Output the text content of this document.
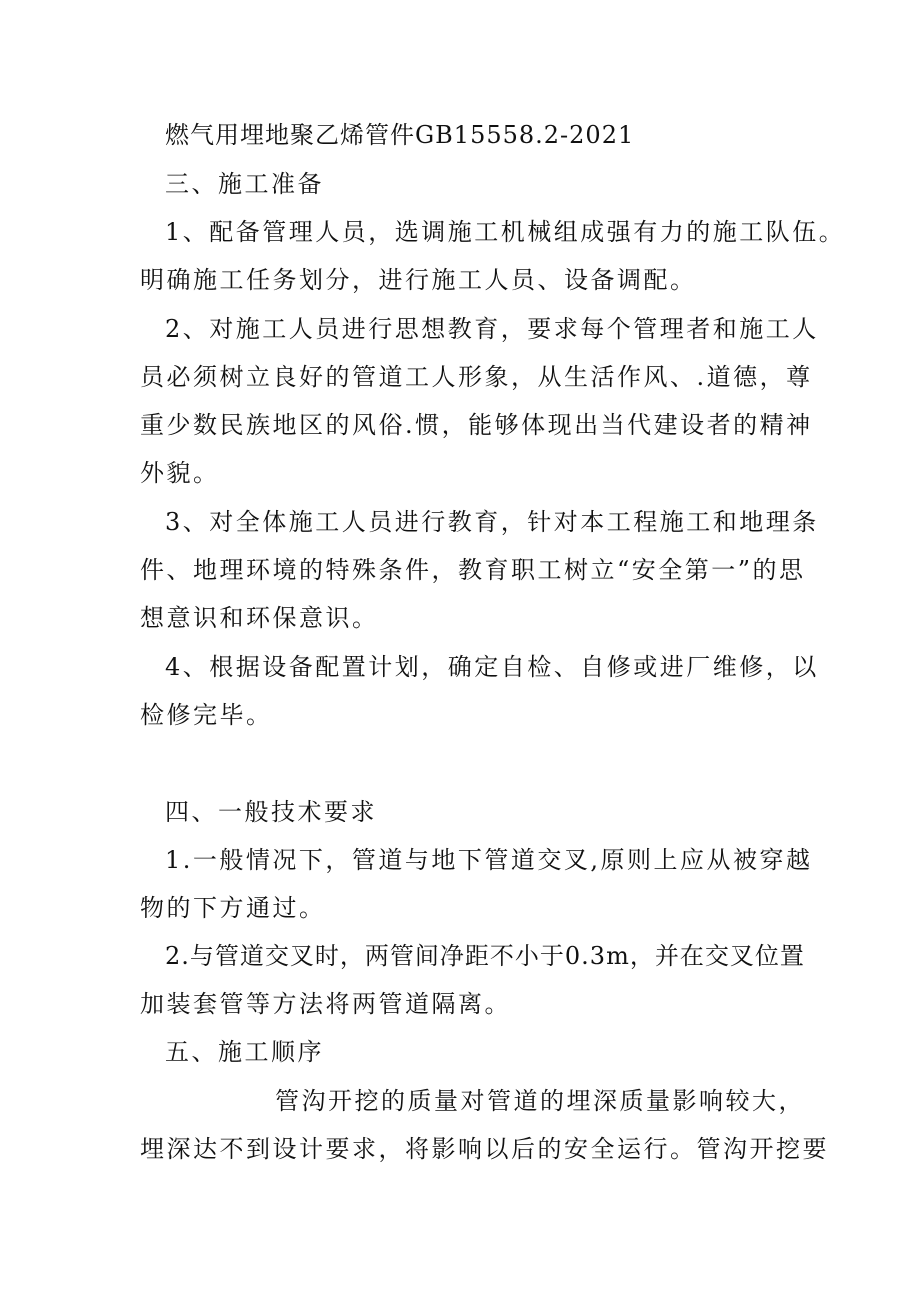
燃气用埋地聚乙烯管件GB15558.2-2021
三、施工准备
1、配备管理人员，选调施工机械组成强有力的施工队伍。
明确施工任务划分，进行施工人员、设备调配。
2、对施工人员进行思想教育，要求每个管理者和施工人
员必须树立良好的管道工人形象，从生活作风、.道德，尊
重少数民族地区的风俗.惯，能够体现出当代建设者的精神
外貌。
3、对全体施工人员进行教育，针对本工程施工和地理条
件、地理环境的特殊条件，教育职工树立“安全第一”的思
想意识和环保意识。
4、根据设备配置计划，确定自检、自修或进厂维修，以
检修完毕。
四、一般技术要求
1.一般情况下，管道与地下管道交叉,原则上应从被穿越
物的下方通过。
2.与管道交叉时，两管间净距不小于0.3m，并在交叉位置
加装套管等方法将两管道隔离。
五、施工顺序
管沟开挖的质量对管道的埋深质量影响较大，
埋深达不到设计要求，将影响以后的安全运行。管沟开挖要
